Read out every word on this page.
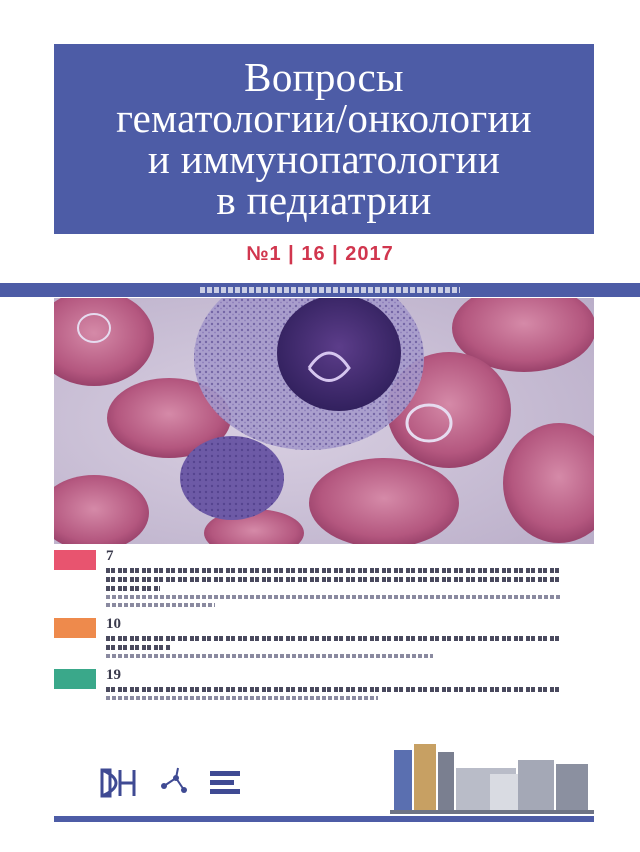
Вопросы
гематологии/онкологии
и иммунопатологии
в педиатрии
№1 | 16 | 2017
7
10
19
